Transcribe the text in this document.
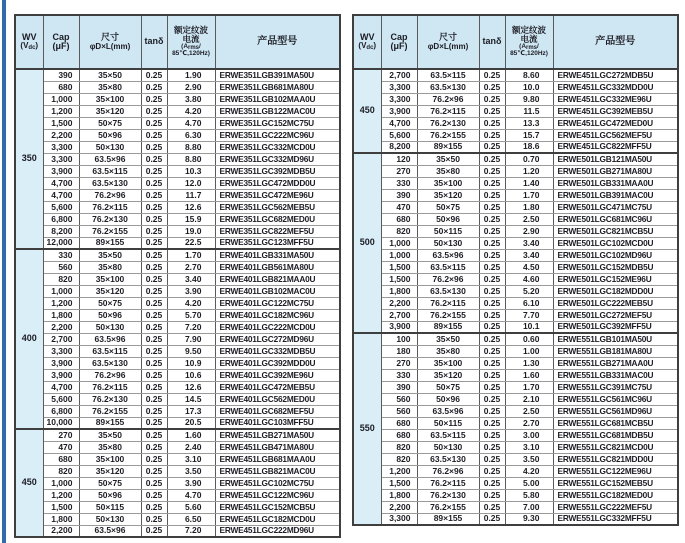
WV
$(V_{dc})$

Cap
(μF)

尺寸
φD×L(mm)	tanδ	
额定纹波
电流
($A_{rms}/$
85℃,120Hz)
	产品型号
350	390	35×50	0.25	1.90	ERWE351LGB391MA50U
	680	35×80	0.25	2.90	ERWE351LGB681MA80U
	1,000	35×100	0.25	3.80	ERWE351LGB102MAA0U
	1,200	35×120	0.25	4.20	ERWE351LGB122MAC0U
	1,500	50×75	0.25	4.70	ERWE351LGC152MC75U
	2,200	50×96	0.25	6.30	ERWE351LGC222MC96U
	3,300	50×130	0.25	8.80	ERWE351LGC332MCD0U
	3,300	63.5×96	0.25	8.80	ERWE351LGC332MD96U
	3,900	63.5×115	0.25	10.3	ERWE351LGC392MDB5U
	4,700	63.5×130	0.25	12.0	ERWE351LGC472MDD0U
	4,700	76.2×96	0.25	11.7	ERWE351LGC472ME96U
	5,600	76.2×115	0.25	12.6	ERWE351LGC562MEB5U
	6,800	76.2×130	0.25	15.9	ERWE351LGC682MED0U
	8,200	76.2×155	0.25	19.0	ERWE351LGC822MEF5U
	12,000	89×155	0.25	22.5	ERWE351LGC123MFF5U
400	330	35×50	0.25	1.70	ERWE401LGB331MA50U
	560	35×80	0.25	2.70	ERWE401LGB561MA80U
	820	35×100	0.25	3.40	ERWE401LGB821MAA0U
	1,000	35×120	0.25	3.90	ERWE401LGB102MAC0U
	1,200	50×75	0.25	4.20	ERWE401LGC122MC75U
	1,800	50×96	0.25	5.70	ERWE401LGC182MC96U
	2,200	50×130	0.25	7.20	ERWE401LGC222MCD0U
	2,700	63.5×96	0.25	7.90	ERWE401LGC272MD96U
	3,300	63.5×115	0.25	9.50	ERWE401LGC332MDB5U
	3,900	63.5×130	0.25	10.9	ERWE401LGC392MDD0U
	3,900	76.2×96	0.25	10.6	ERWE401LGC392ME96U
	4,700	76.2×115	0.25	12.6	ERWE401LGC472MEB5U
	5,600	76.2×130	0.25	14.5	ERWE401LGC562MED0U
	6,800	76.2×155	0.25	17.3	ERWE401LGC682MEF5U
	10,000	89×155	0.25	20.5	ERWE401LGC103MFF5U
450	270	35×50	0.25	1.60	ERWE451LGB271MA50U
	470	35×80	0.25	2.40	ERWE451LGB471MA80U
	680	35×100	0.25	3.10	ERWE451LGB681MAA0U
	820	35×120	0.25	3.50	ERWE451LGB821MAC0U
	1,000	50×75	0.25	3.90	ERWE451LGC102MC75U
	1,200	50×96	0.25	4.70	ERWE451LGC122MC96U
	1,500	50×115	0.25	5.60	ERWE451LGC152MCB5U
	1,800	50×130	0.25	6.50	ERWE451LGC182MCD0U
	2,200	63.5×96	0.25	7.20	ERWE451LGC222MD96U
WV
$(V_{dc})$

Cap
(μF)

尺寸
φD×L(mm)	tanδ	
额定纹波
电流
($A_{rms}/$
85℃,120Hz)
	产品型号
450	2,700	63.5×115	0.25	8.60	ERWE451LGC272MDB5U
	3,300	63.5×130	0.25	10.0	ERWE451LGC332MDD0U
	3,300	76.2×96	0.25	9.80	ERWE451LGC332ME96U
	3,900	76.2×115	0.25	11.5	ERWE451LGC392MEB5U
	4,700	76.2×130	0.25	13.3	ERWE451LGC472MED0U
	5,600	76.2×155	0.25	15.7	ERWE451LGC562MEF5U
	8,200	89×155	0.25	18.6	ERWE451LGC822MFF5U
500	120	35×50	0.25	0.70	ERWE501LGB121MA50U
	270	35×80	0.25	1.20	ERWE501LGB271MA80U
	330	35×100	0.25	1.40	ERWE501LGB331MAA0U
	390	35×120	0.25	1.70	ERWE501LGB391MAC0U
	470	50×75	0.25	1.80	ERWE501LGC471MC75U
	680	50×96	0.25	2.50	ERWE501LGC681MC96U
	820	50×115	0.25	2.90	ERWE501LGC821MCB5U
	1,000	50×130	0.25	3.40	ERWE501LGC102MCD0U
	1,000	63.5×96	0.25	3.40	ERWE501LGC102MD96U
	1,500	63.5×115	0.25	4.50	ERWE501LGC152MDB5U
	1,500	76.2×96	0.25	4.60	ERWE501LGC152ME96U
	1,800	63.5×130	0.25	5.20	ERWE501LGC182MDD0U
	2,200	76.2×115	0.25	6.10	ERWE501LGC222MEB5U
	2,700	76.2×155	0.25	7.70	ERWE501LGC272MEF5U
	3,900	89×155	0.25	10.1	ERWE501LGC392MFF5U
550	100	35×50	0.25	0.60	ERWE551LGB101MA50U
	180	35×80	0.25	1.00	ERWE551LGB181MA80U
	270	35×100	0.25	1.30	ERWE551LGB271MAA0U
	330	35×120	0.25	1.60	ERWE551LGB331MAC0U
	390	50×75	0.25	1.70	ERWE551LGC391MC75U
	560	50×96	0.25	2.10	ERWE551LGC561MC96U
	560	63.5×96	0.25	2.50	ERWE551LGC561MD96U
	680	50×115	0.25	2.70	ERWE551LGC681MCB5U
	680	63.5×115	0.25	3.00	ERWE551LGC681MDB5U
	820	50×130	0.25	3.10	ERWE551LGC821MCD0U
	820	63.5×130	0.25	3.50	ERWE551LGC821MDD0U
	1,200	76.2×96	0.25	4.20	ERWE551LGC122ME96U
	1,500	76.2×115	0.25	5.00	ERWE551LGC152MEB5U
	1,800	76.2×130	0.25	5.80	ERWE551LGC182MED0U
	2,200	76.2×155	0.25	7.00	ERWE551LGC222MEF5U
	3,300	89×155	0.25	9.30	ERWE551LGC332MFF5U
